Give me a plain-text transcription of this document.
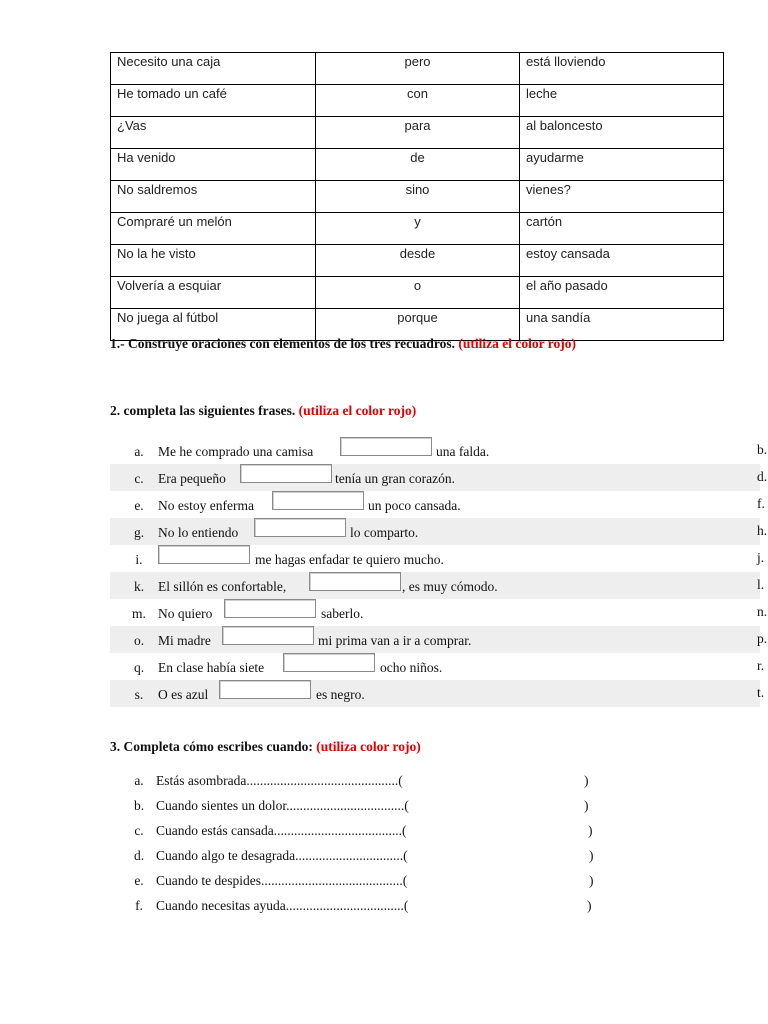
Necesito una caja	pero	está lloviendo
He tomado un café	con	leche
¿Vas	para	al baloncesto
Ha venido	de	ayudarme
No saldremos	sino	vienes?
Compraré un melón	y	cartón
No la he visto	desde	estoy cansada
Volvería a esquiar	o	el año pasado
No juega al fútbol	porque	una sandía
1.- Construye oraciones con elementos de los tres recuadros. (utiliza el color rojo)
2. completa las siguientes frases. (utiliza el color rojo)
a. Me he comprado una camisa	una falda.
c. Era pequeño	tenía un gran corazón.
e. No estoy enferma	un poco cansada.
g. No lo entiendo	lo comparto.
i.	me hagas enfadar te quiero mucho.
k. El sillón es confortable,	, es muy cómodo.
m. No quiero	saberlo.
o. Mi madre	mi prima van a ir a comprar.
q. En clase había siete	ocho niños.
s. O es azul	es negro.
b.
d.
f.
h.
j.
l.
n.
p.
r.
t.
3. Completa cómo escribes cuando: (utiliza color rojo)
a. Estás asombrada.............................................(	)
b. Cuando sientes un dolor...................................(	)
c. Cuando estás cansada......................................(	)
d. Cuando algo te desagrada................................(	)
e. Cuando te despides..........................................(	)
f. Cuando necesitas ayuda...................................(	)
